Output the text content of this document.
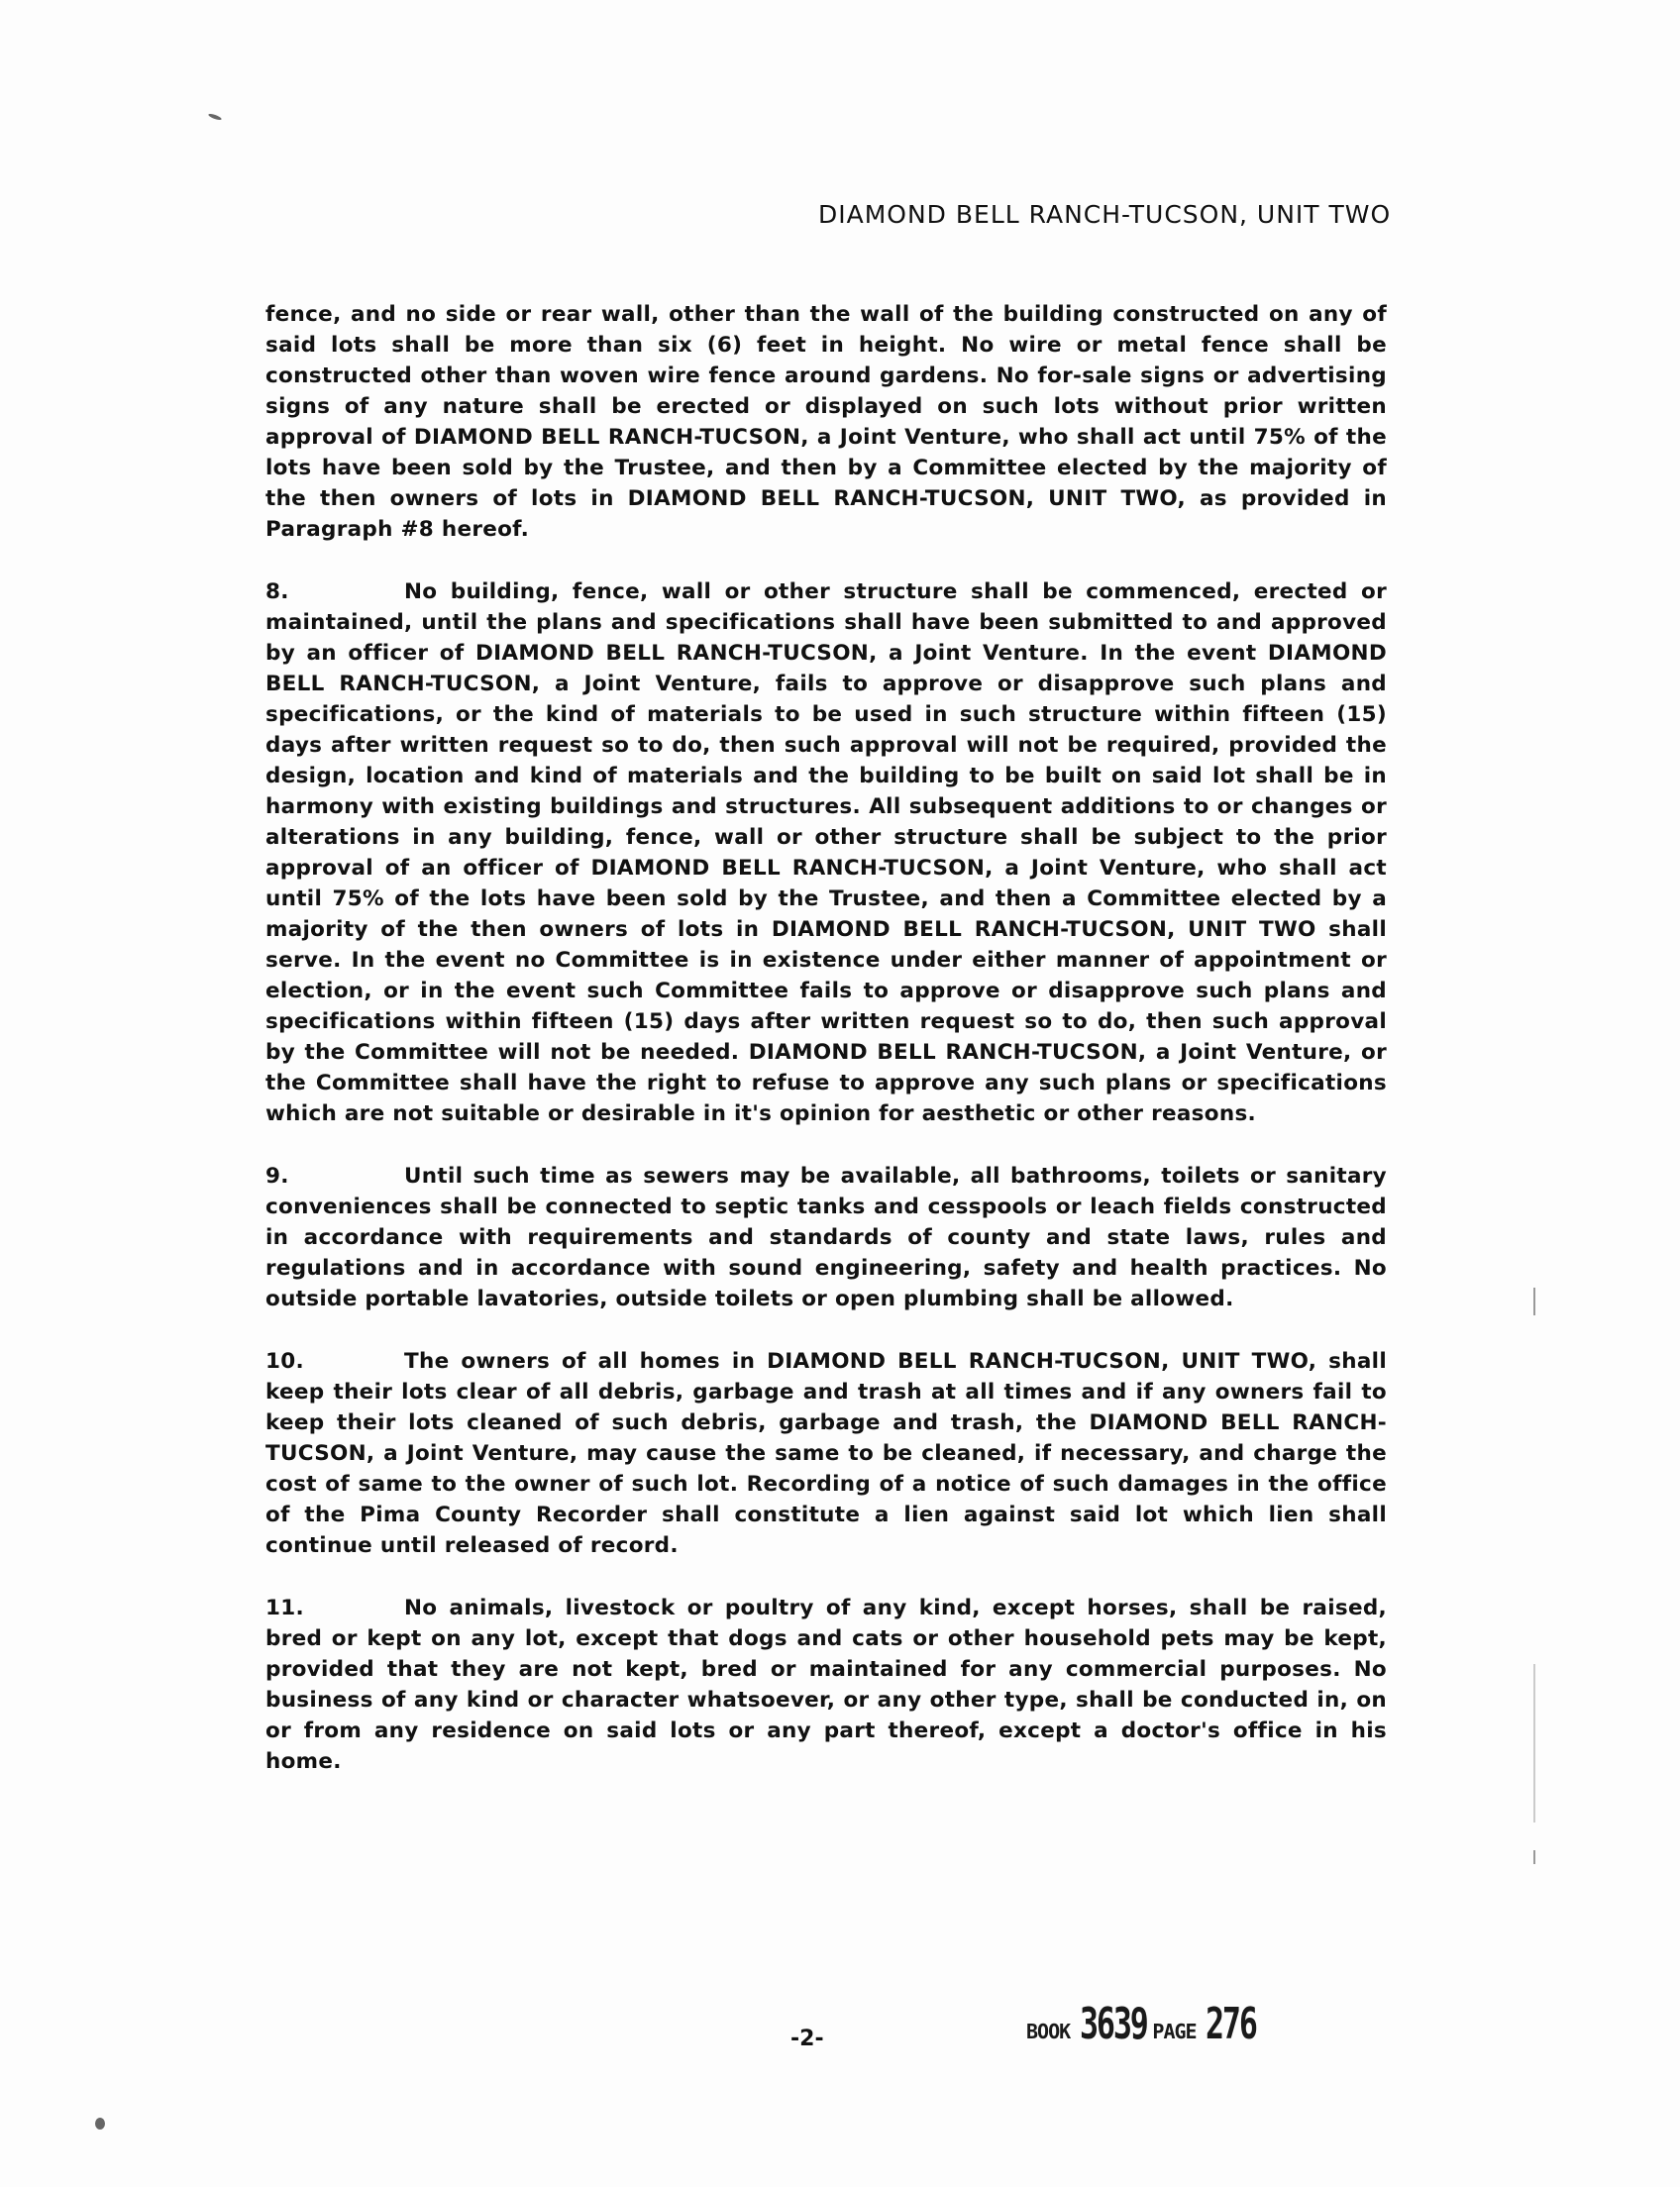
DIAMOND BELL RANCH-TUCSON, UNIT TWO

fence, and no side or rear wall, other than the wall of the building constructed on any of said lots shall be more than six (6) feet in height. No wire or metal fence shall be constructed other than woven wire fence around gardens. No for-sale signs or advertising signs of any nature shall be erected or displayed on such lots without prior written approval of DIAMOND BELL RANCH-TUCSON, a Joint Venture, who shall act until 75% of the lots have been sold by the Trustee, and then by a Committee elected by the majority of the then owners of lots in DIAMOND BELL RANCH-TUCSON, UNIT TWO, as provided in Paragraph #8 hereof.

8.	No building, fence, wall or other structure shall be commenced, erected or maintained, until the plans and specifications shall have been submitted to and approved by an officer of DIAMOND BELL RANCH-TUCSON, a Joint Venture. In the event DIAMOND BELL RANCH-TUCSON, a Joint Venture, fails to approve or disapprove such plans and specifications, or the kind of materials to be used in such structure within fifteen (15) days after written request so to do, then such approval will not be required, provided the design, location and kind of materials and the building to be built on said lot shall be in harmony with existing buildings and structures. All subsequent additions to or changes or alterations in any building, fence, wall or other structure shall be subject to the prior approval of an officer of DIAMOND BELL RANCH-TUCSON, a Joint Venture, who shall act until 75% of the lots have been sold by the Trustee, and then a Committee elected by a majority of the then owners of lots in DIAMOND BELL RANCH-TUCSON, UNIT TWO shall serve. In the event no Committee is in existence under either manner of appointment or election, or in the event such Committee fails to approve or disapprove such plans and specifications within fifteen (15) days after written request so to do, then such approval by the Committee will not be needed. DIAMOND BELL RANCH-TUCSON, a Joint Venture, or the Committee shall have the right to refuse to approve any such plans or specifications which are not suitable or desirable in it's opinion for aesthetic or other reasons.

9.	Until such time as sewers may be available, all bathrooms, toilets or sanitary conveniences shall be connected to septic tanks and cesspools or leach fields constructed in accordance with requirements and standards of county and state laws, rules and regulations and in accordance with sound engineering, safety and health practices. No outside portable lavatories, outside toilets or open plumbing shall be allowed.

10.	The owners of all homes in DIAMOND BELL RANCH-TUCSON, UNIT TWO, shall keep their lots clear of all debris, garbage and trash at all times and if any owners fail to keep their lots cleaned of such debris, garbage and trash, the DIAMOND BELL RANCH-TUCSON, a Joint Venture, may cause the same to be cleaned, if necessary, and charge the cost of same to the owner of such lot. Recording of a notice of such damages in the office of the Pima County Recorder shall constitute a lien against said lot which lien shall continue until released of record.

11.	No animals, livestock or poultry of any kind, except horses, shall be raised, bred or kept on any lot, except that dogs and cats or other household pets may be kept, provided that they are not kept, bred or maintained for any commercial purposes. No business of any kind or character whatsoever, or any other type, shall be conducted in, on or from any residence on said lots or any part thereof, except a doctor's office in his home.

-2-	BOOK 3639 PAGE 276
